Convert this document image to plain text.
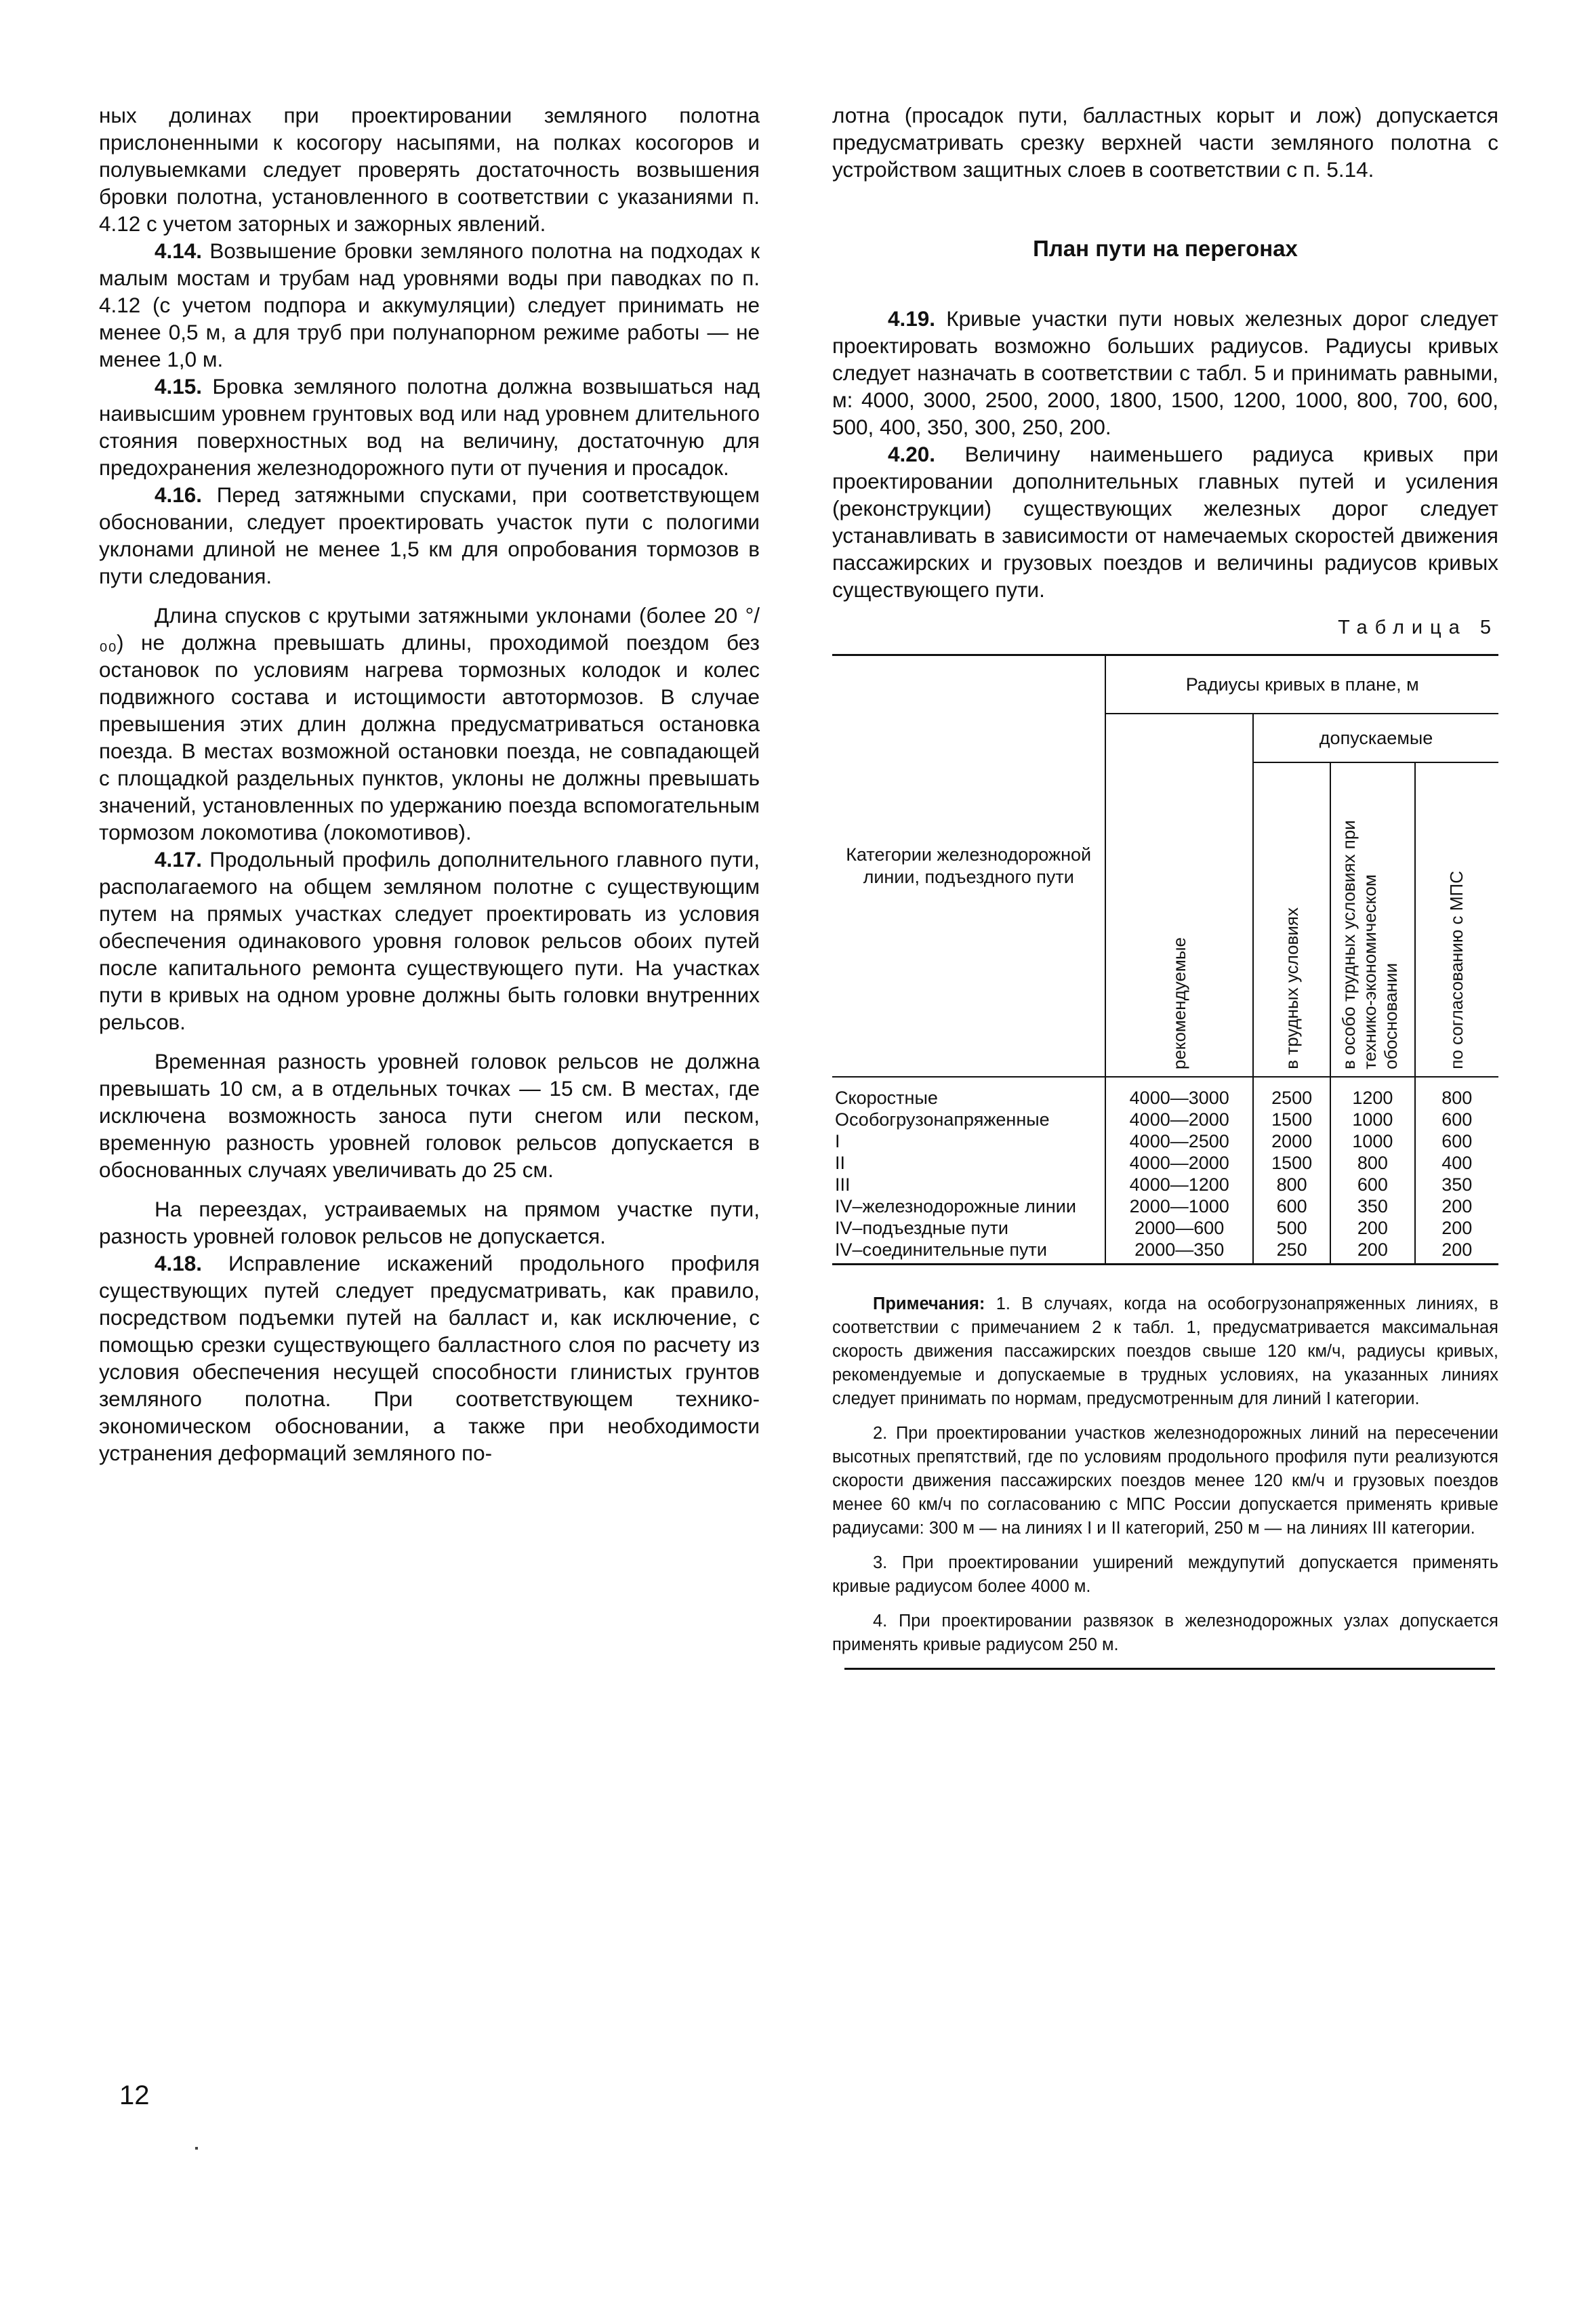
ных долинах при проектировании земляного полотна прислоненными к косогору насыпями, на полках косогоров и полувыемками следует проверять достаточность возвышения бровки полотна, установленного в соответствии с указаниями п. 4.12 с учетом заторных и зажорных явлений.

4.14. Возвышение бровки земляного полотна на подходах к малым мостам и трубам над уровнями воды при паводках по п. 4.12 (с учетом подпора и аккумуляции) следует принимать не менее 0,5 м, а для труб при полунапорном режиме работы — не менее 1,0 м.

4.15. Бровка земляного полотна должна возвышаться над наивысшим уровнем грунтовых вод или над уровнем длительного стояния поверхностных вод на величину, достаточную для предохранения железнодорожного пути от пучения и просадок.

4.16. Перед затяжными спусками, при соответствующем обосновании, следует проектировать участок пути с пологими уклонами длиной не менее 1,5 км для опробования тормозов в пути следования.

Длина спусков с крутыми затяжными уклонами (более 20 °/₀₀) не должна превышать длины, проходимой поездом без остановок по условиям нагрева тормозных колодок и колес подвижного состава и истощимости автотормозов. В случае превышения этих длин должна предусматриваться остановка поезда. В местах возможной остановки поезда, не совпадающей с площадкой раздельных пунктов, уклоны не должны превышать значений, установленных по удержанию поезда вспомогательным тормозом локомотива (локомотивов).

4.17. Продольный профиль дополнительного главного пути, располагаемого на общем земляном полотне с существующим путем на прямых участках следует проектировать из условия обеспечения одинакового уровня головок рельсов обоих путей после капитального ремонта существующего пути. На участках пути в кривых на одном уровне должны быть головки внутренних рельсов.

Временная разность уровней головок рельсов не должна превышать 10 см, а в отдельных точках — 15 см. В местах, где исключена возможность заноса пути снегом или песком, временную разность уровней головок рельсов допускается в обоснованных случаях увеличивать до 25 см.

На переездах, устраиваемых на прямом участке пути, разность уровней головок рельсов не допускается.

4.18. Исправление искажений продольного профиля существующих путей следует предусматривать, как правило, посредством подъемки путей на балласт и, как исключение, с помощью срезки существующего балластного слоя по расчету из условия обеспечения несущей способности глинистых грунтов земляного полотна. При соответствующем технико-экономическом обосновании, а также при необходимости устранения деформаций земляного по-

лотна (просадок пути, балластных корыт и лож) допускается предусматривать срезку верхней части земляного полотна с устройством защитных слоев в соответствии с п. 5.14.

План пути на перегонах

4.19. Кривые участки пути новых железных дорог следует проектировать возможно больших радиусов. Радиусы кривых следует назначать в соответствии с табл. 5 и принимать равными, м: 4000, 3000, 2500, 2000, 1800, 1500, 1200, 1000, 800, 700, 600, 500, 400, 350, 300, 250, 200.

4.20. Величину наименьшего радиуса кривых при проектировании дополнительных главных путей и усиления (реконструкции) существующих железных дорог следует устанавливать в зависимости от намечаемых скоростей движения пассажирских и грузовых поездов и величины радиусов кривых существующего пути.

Таблица 5
Категории железнодорожной линии, подъездного пути	Радиусы кривых в плане, м			

	рекомендуемые	допускаемые		

		в трудных условиях	в особо трудных условиях при технико-экономическом обосновании	по согласованию с МПС

Скоростные	4000—3000	2500	1200	800
Особогрузонапряженные	4000—2000	1500	1000	600
I	4000—2500	2000	1000	600
II	4000—2000	1500	800	400
III	4000—1200	800	600	350
IV–железнодорожные линии	2000—1000	600	350	200
IV–подъездные пути	2000—600	500	200	200
IV–соединительные пути	2000—350	250	200	200

Примечания: 1. В случаях, когда на особогрузонапряженных линиях, в соответствии с примечанием 2 к табл. 1, предусматривается максимальная скорость движения пассажирских поездов свыше 120 км/ч, радиусы кривых, рекомендуемые и допускаемые в трудных условиях, на указанных линиях следует принимать по нормам, предусмотренным для линий I категории.

2. При проектировании участков железнодорожных линий на пересечении высотных препятствий, где по условиям продольного профиля пути реализуются скорости движения пассажирских поездов менее 120 км/ч и грузовых поездов менее 60 км/ч по согласованию с МПС России допускается применять кривые радиусами: 300 м — на линиях I и II категорий, 250 м — на линиях III категории.

3. При проектировании уширений междупутий допускается применять кривые радиусом более 4000 м.

4. При проектировании развязок в железнодорожных узлах допускается применять кривые радиусом 250 м.

12
